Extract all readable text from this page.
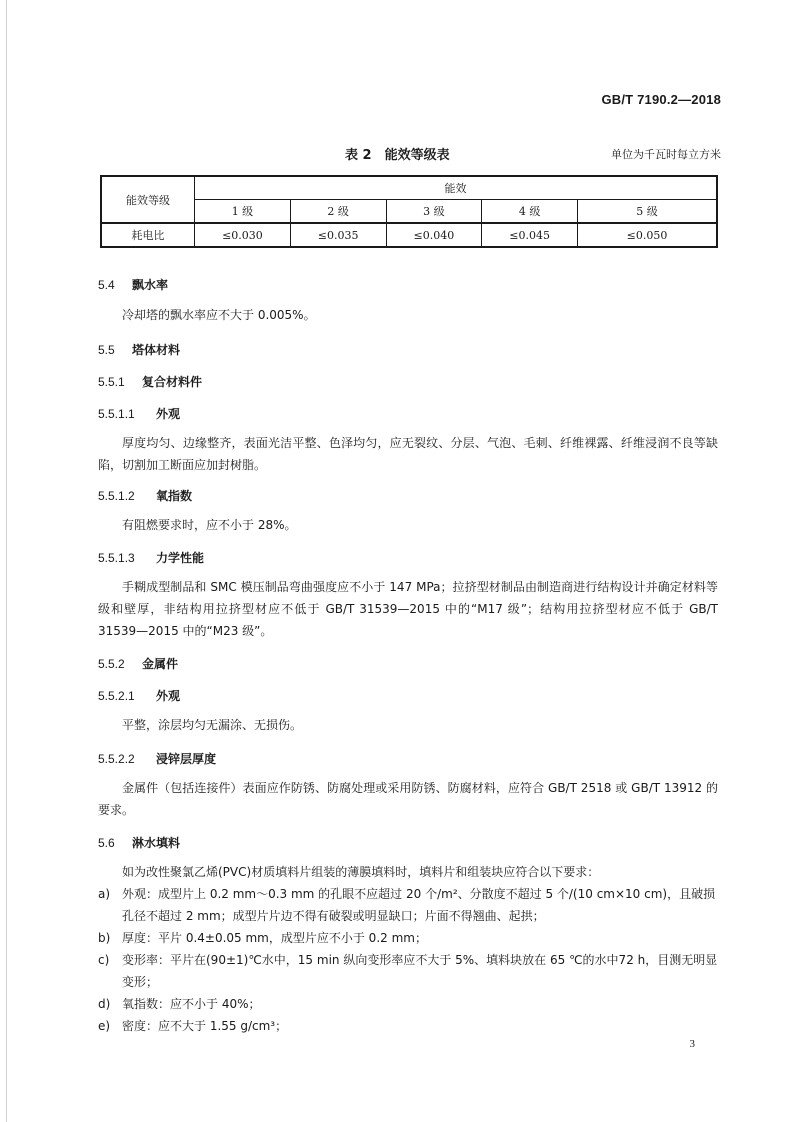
GB/T 7190.2—2018
表 2　能效等级表	单位为千瓦时每立方米
能效等级	能效				
	1 级	2 级	3 级	4 级	5 级
耗电比	≤0.030	≤0.035	≤0.040	≤0.045	≤0.050
5.4 飘水率
冷却塔的飘水率应不大于 0.005%。
5.5 塔体材料
5.5.1 复合材料件
5.5.1.1 外观
厚度均匀、边缘整齐，表面光洁平整、色泽均匀，应无裂纹、分层、气泡、毛刺、纤维裸露、纤维浸润不良等缺陷，切割加工断面应加封树脂。
5.5.1.2 氧指数
有阻燃要求时，应不小于 28%。
5.5.1.3 力学性能
手糊成型制品和 SMC 模压制品弯曲强度应不小于 147 MPa；拉挤型材制品由制造商进行结构设计并确定材料等级和壁厚，非结构用拉挤型材应不低于 GB/T 31539—2015 中的“M17 级”；结构用拉挤型材应不低于 GB/T 31539—2015 中的“M23 级”。
5.5.2 金属件
5.5.2.1 外观
平整，涂层均匀无漏涂、无损伤。
5.5.2.2 浸锌层厚度
金属件（包括连接件）表面应作防锈、防腐处理或采用防锈、防腐材料，应符合 GB/T 2518 或 GB/T 13912 的要求。
5.6 淋水填料
如为改性聚氯乙烯(PVC)材质填料片组装的薄膜填料时，填料片和组装块应符合以下要求：
a) 外观：成型片上 0.2 mm～0.3 mm 的孔眼不应超过 20 个/m²、分散度不超过 5 个/(10 cm×10 cm)，且破损孔径不超过 2 mm；成型片片边不得有破裂或明显缺口；片面不得翘曲、起拱；
b) 厚度：平片 0.4±0.05 mm，成型片应不小于 0.2 mm；
c)	变形率：平片在(90±1)℃水中，15 min 纵向变形率应不大于 5%、填料块放在 65 ℃的水中72 h，目测无明显变形；
d) 氧指数：应不小于 40%；
e) 密度：应不大于 1.55 g/cm³；
3
